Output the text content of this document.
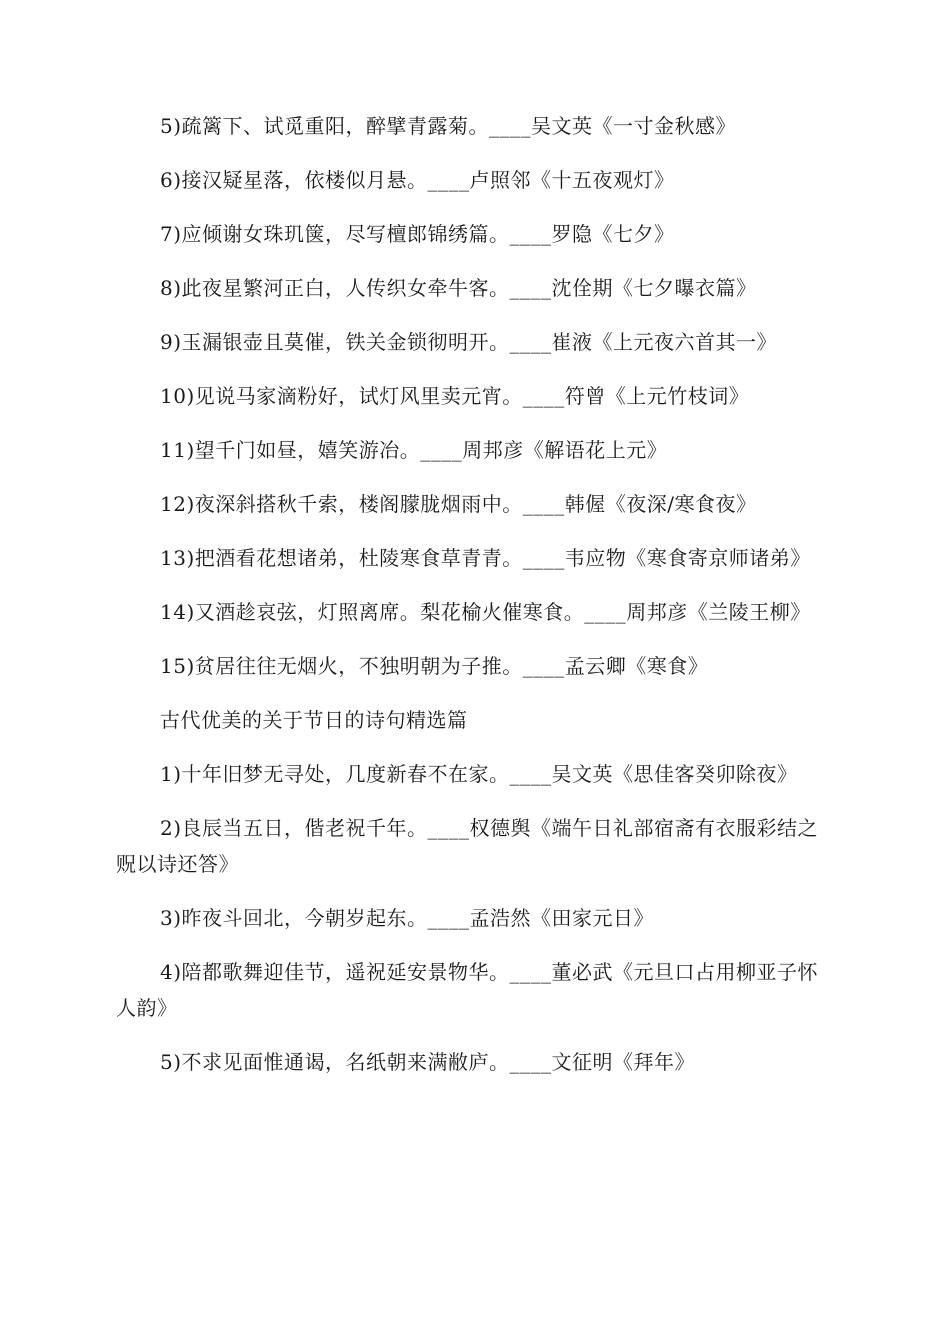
5)疏篱下、试觅重阳，醉擘青露菊。____吴文英《一寸金秋感》

6)接汉疑星落，依楼似月悬。____卢照邻《十五夜观灯》

7)应倾谢女珠玑箧，尽写檀郎锦绣篇。____罗隐《七夕》

8)此夜星繁河正白，人传织女牵牛客。____沈佺期《七夕曝衣篇》

9)玉漏银壶且莫催，铁关金锁彻明开。____崔液《上元夜六首其一》

10)见说马家滴粉好，试灯风里卖元宵。____符曾《上元竹枝词》

11)望千门如昼，嬉笑游冶。____周邦彦《解语花上元》

12)夜深斜搭秋千索，楼阁朦胧烟雨中。____韩偓《夜深/寒食夜》

13)把酒看花想诸弟，杜陵寒食草青青。____韦应物《寒食寄京师诸弟》

14)又酒趁哀弦，灯照离席。梨花榆火催寒食。____周邦彦《兰陵王柳》

15)贫居往往无烟火，不独明朝为子推。____孟云卿《寒食》

古代优美的关于节日的诗句精选篇

1)十年旧梦无寻处，几度新春不在家。____吴文英《思佳客癸卯除夜》

2)良辰当五日，偕老祝千年。____权德舆《端午日礼部宿斋有衣服彩结之贶以诗还答》

3)昨夜斗回北，今朝岁起东。____孟浩然《田家元日》

4)陪都歌舞迎佳节，遥祝延安景物华。____董必武《元旦口占用柳亚子怀人韵》

5)不求见面惟通谒，名纸朝来满敝庐。____文征明《拜年》
